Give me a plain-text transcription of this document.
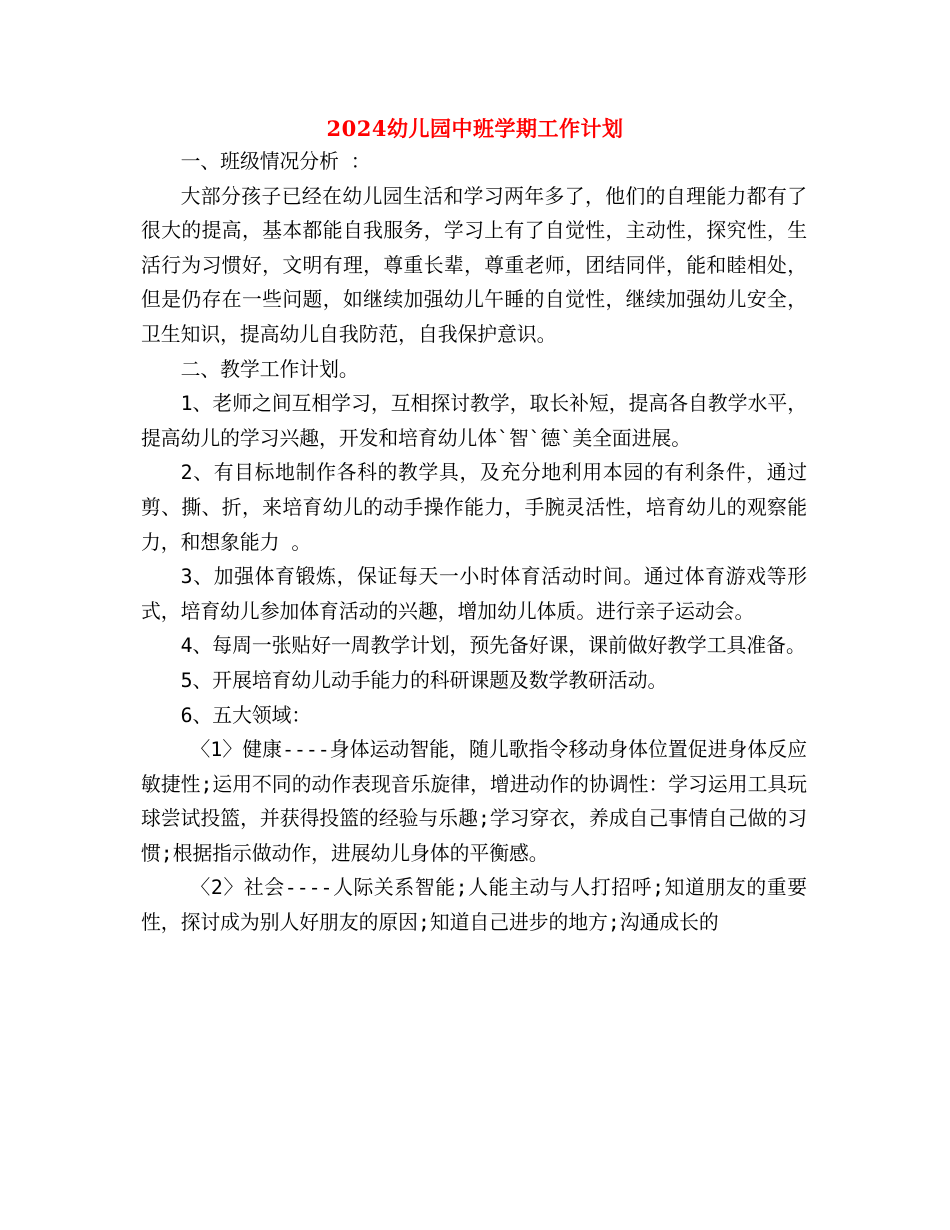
2024幼儿园中班学期工作计划

一、班级情况分析 ：

大部分孩子已经在幼儿园生活和学习两年多了，他们的自理能力都有了很大的提高，基本都能自我服务，学习上有了自觉性，主动性，探究性，生活行为习惯好，文明有理，尊重长辈，尊重老师，团结同伴，能和睦相处，但是仍存在一些问题，如继续加强幼儿午睡的自觉性，继续加强幼儿安全，卫生知识，提高幼儿自我防范，自我保护意识。

二、教学工作计划。

1、老师之间互相学习，互相探讨教学，取长补短，提高各自教学水平，提高幼儿的学习兴趣，开发和培育幼儿体`智`德`美全面进展。

2、有目标地制作各科的教学具，及充分地利用本园的有利条件，通过剪、撕、折，来培育幼儿的动手操作能力，手腕灵活性，培育幼儿的观察能力，和想象能力 。

3、加强体育锻炼，保证每天一小时体育活动时间。通过体育游戏等形式，培育幼儿参加体育活动的兴趣，增加幼儿体质。进行亲子运动会。

4、每周一张贴好一周教学计划，预先备好课，课前做好教学工具准备。

5、开展培育幼儿动手能力的科研课题及数学教研活动。

6、五大领域：

〈1〉健康----身体运动智能，随儿歌指令移动身体位置促进身体反应敏捷性;运用不同的动作表现音乐旋律，增进动作的协调性：学习运用工具玩球尝试投篮，并获得投篮的经验与乐趣;学习穿衣，养成自己事情自己做的习惯;根据指示做动作，进展幼儿身体的平衡感。

〈2〉社会----人际关系智能;人能主动与人打招呼;知道朋友的重要性，探讨成为别人好朋友的原因;知道自己进步的地方;沟通成长的
